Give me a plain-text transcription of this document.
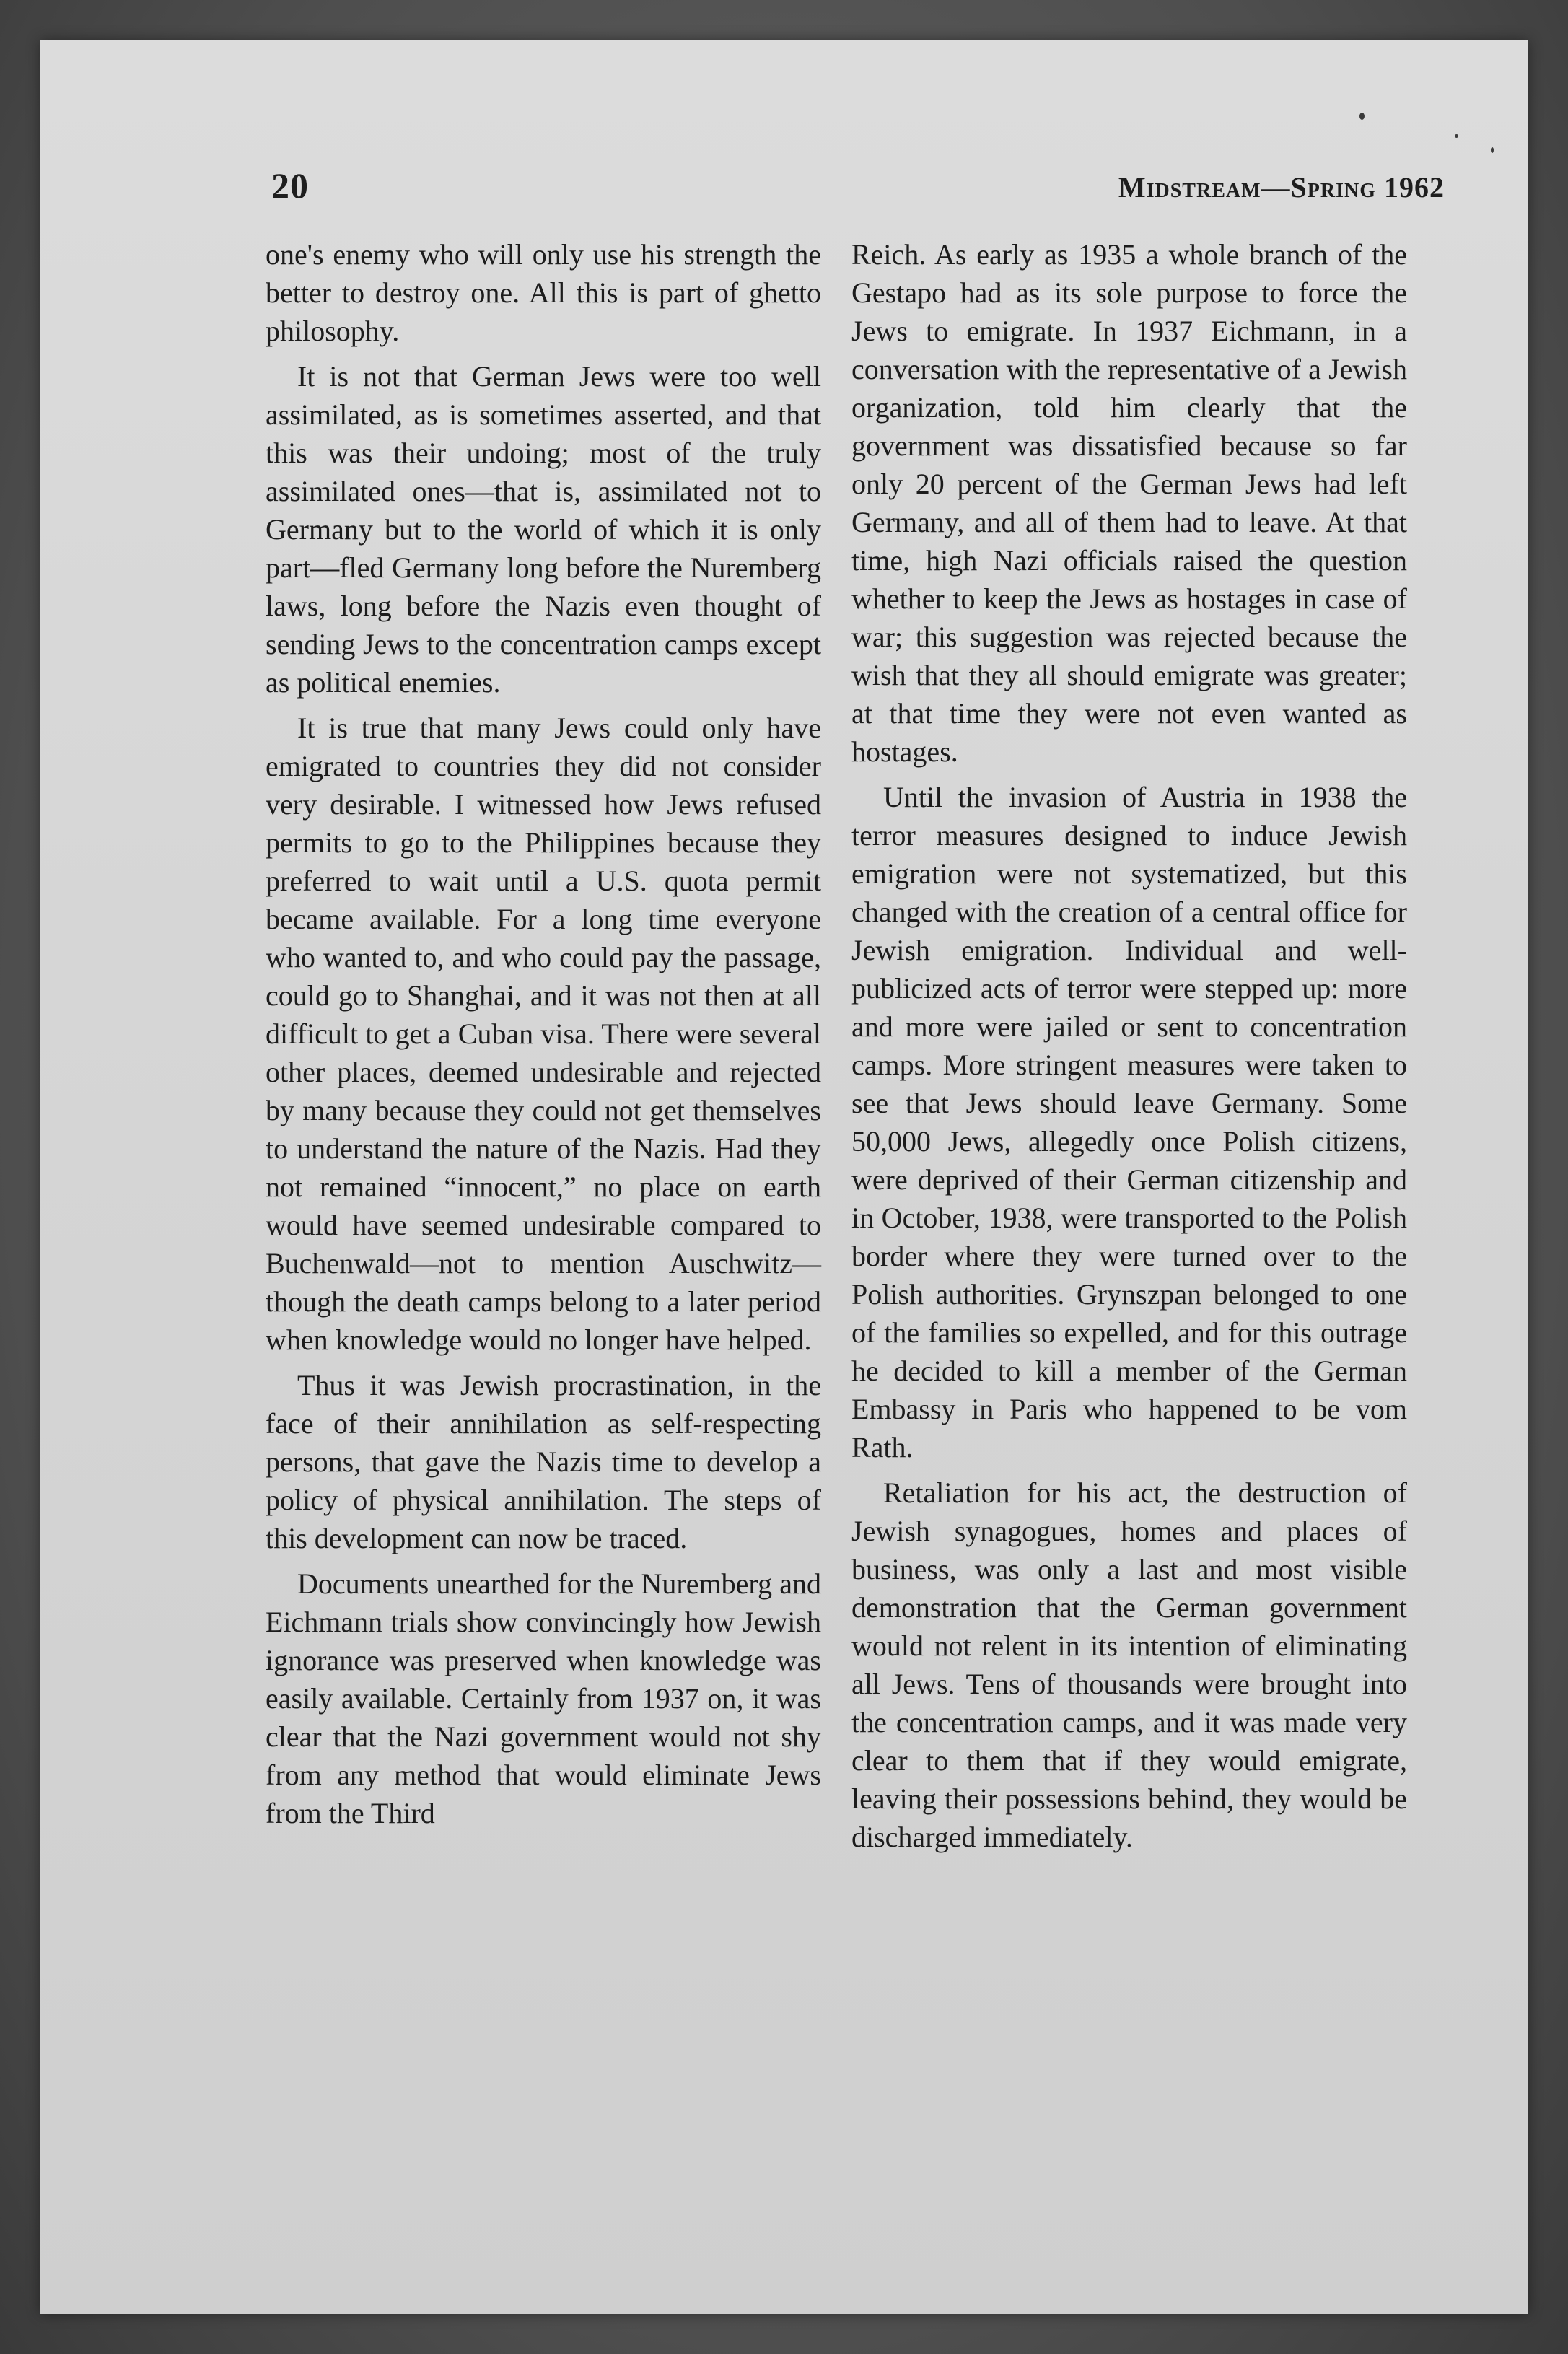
20	Midstream—Spring 1962

one's enemy who will only use his strength the better to destroy one. All this is part of ghetto philosophy.

It is not that German Jews were too well assimilated, as is sometimes asserted, and that this was their undoing; most of the truly assimilated ones—that is, assimilated not to Germany but to the world of which it is only part—fled Germany long before the Nuremberg laws, long before the Nazis even thought of sending Jews to the concentration camps except as political enemies.

It is true that many Jews could only have emigrated to countries they did not consider very desirable. I witnessed how Jews refused permits to go to the Philippines because they preferred to wait until a U.S. quota permit became available. For a long time everyone who wanted to, and who could pay the passage, could go to Shanghai, and it was not then at all difficult to get a Cuban visa. There were several other places, deemed undesirable and rejected by many because they could not get themselves to understand the nature of the Nazis. Had they not remained “innocent,” no place on earth would have seemed undesirable compared to Buchenwald—not to mention Auschwitz—though the death camps belong to a later period when knowledge would no longer have helped.

Thus it was Jewish procrastination, in the face of their annihilation as self-respecting persons, that gave the Nazis time to develop a policy of physical annihilation. The steps of this development can now be traced.

Documents unearthed for the Nuremberg and Eichmann trials show convincingly how Jewish ignorance was preserved when knowledge was easily available. Certainly from 1937 on, it was clear that the Nazi government would not shy from any method that would eliminate Jews from the Third

Reich. As early as 1935 a whole branch of the Gestapo had as its sole purpose to force the Jews to emigrate. In 1937 Eichmann, in a conversation with the representative of a Jewish organization, told him clearly that the government was dissatisfied because so far only 20 percent of the German Jews had left Germany, and all of them had to leave. At that time, high Nazi officials raised the question whether to keep the Jews as hostages in case of war; this suggestion was rejected because the wish that they all should emigrate was greater; at that time they were not even wanted as hostages.

Until the invasion of Austria in 1938 the terror measures designed to induce Jewish emigration were not systematized, but this changed with the creation of a central office for Jewish emigration. Individual and well-publicized acts of terror were stepped up: more and more were jailed or sent to concentration camps. More stringent measures were taken to see that Jews should leave Germany. Some 50,000 Jews, allegedly once Polish citizens, were deprived of their German citizenship and in October, 1938, were transported to the Polish border where they were turned over to the Polish authorities. Grynszpan belonged to one of the families so expelled, and for this outrage he decided to kill a member of the German Embassy in Paris who happened to be vom Rath.

Retaliation for his act, the destruction of Jewish synagogues, homes and places of business, was only a last and most visible demonstration that the German government would not relent in its intention of eliminating all Jews. Tens of thousands were brought into the concentration camps, and it was made very clear to them that if they would emigrate, leaving their possessions behind, they would be discharged immediately.
